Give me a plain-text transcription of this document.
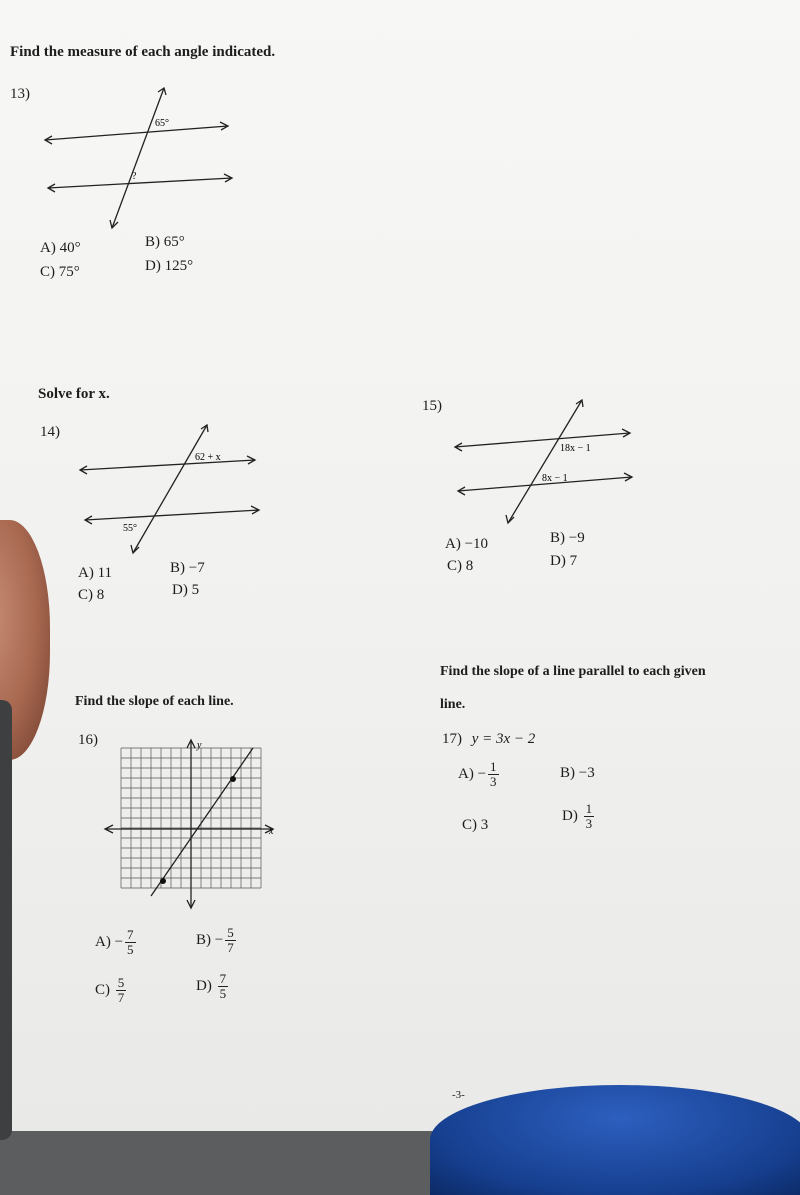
Find the measure of each angle indicated.
13)
65°
?
A) 40°	B) 65°
C) 75°	D) 125°
Solve for x.
14)
62 + x
55°
A) 11	B) −7
C) 8	D) 5
15)
18x − 1
8x − 1
A) −10	B) −9
C) 8	D) 7
Find the slope of each line.
16)	y
x
$A) - \frac{7}{5}$	$B) - \frac{5}{7}$
$C) \frac{5}{7}$	$D) \frac{7}{5}$
Find the slope of a line parallel to each given
line.
17) y = 3x − 2
$A) - \frac{1}{3}$	B) −3
C) 3
$D) \frac{1}{3}$
-3-
